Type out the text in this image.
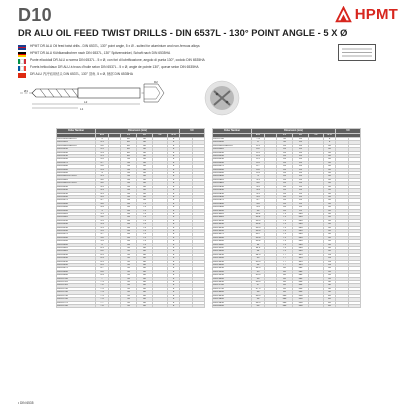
D10	HPMT
DR ALU OIL FEED TWIST DRILLS - DIN 6537L - 130° POINT ANGLE - 5 X Ø
HPMT DR ALU Oil feed twist drills - DIN 6537L, 130° point angle, 5 x Ø - suited for aluminium and non-ferrous alloys
HPMT DR ALU Kühlkanalbohrer nach DIN 6537L, 130° Spitzenwinkel, Schaft nach DIN 6535HA
Punte elicoidali DR ALU a norma DIN 6537L - 5 x Ø, con fori di lubrificazione, angolo di punta 130°, codolo DIN 6535HA
Forets hélicoïdaux DR ALU à trous d'huile selon DIN 6537L - 5 x Ø, angle de pointe 130°, queue selon DIN 6535HA
DR ALU 内冷铝用钻头 DIN 6537L, 130° 顶角, 5 x Ø, 柄部 DIN 6535HA
L1
L2
Ø1
D2
Order Number	Dimension (mm)						UC	
	Ø D		L1	L2	L3	Ø d		
D10-0300-088-C4	3		28	62		8		
D10-0310	3.1		28	62		8		
D10-0320-088-C4	3.2		28	62		8		
D10-0330	3.3		28	62		8		
D10-0340	3.4		28	62		8		
D10-0350	3.5		28	62		8		
D10-0360	3.6		34	66		8		
D10-0370	3.7		34	66		8		
D10-0380	3.8		34	66		8		
D10-0390	3.9		34	66		8		
D10-0400	4		34	66		8		
D10-0410-074-C4	4.1		34	66		8		
D10-0420	4.2		34	66		8		
D10-0420-074-C4	4.2		34	66		8		
D10-0430	4.3		34	66		8		
D10-0440	4.4		34	66		8		
D10-0450	4.5		34	66		8		
D10-0460	4.6		34	66		8		
D10-0470	4.7		34	66		8		
D10-0480	4.8		44	74		8		
D10-0490	4.9		44	74		8		
D10-0500	5		44	74		8		
D10-0510	5.1		44	74		8		
D10-0520	5.2		44	74		8		
D10-0530	5.3		44	74		8		
D10-0540	5.4		44	74		8		
D10-0550	5.5		44	74		8		
D10-0560	5.6		44	74		8		
D10-0570	5.7		44	74		8		
D10-0580	5.8		44	74		8		
D10-0590	5.9		44	74		8		
D10-0600	6		44	74		6		
D10-0610	6.1		53	82		8		
D10-0620	6.2		53	82		8		
D10-0630	6.3		53	82		8		
D10-0640	6.4		53	82		8		
D10-0650	6.5		53	82		8		
D10-0660	6.6		53	82		8		
D10-0670	6.7		53	82		8		
D10-0680	6.8		53	82		8		
D10-0690	6.9		53	82		8		
D10-0700	7		53	82		8		
D10-0710	7.1		53	82		8		
D10-0720	7.2		53	82		8		
D10-0730	7.3		53	82		8		
D10-0740	7.4		53	82		8		
D10-0750	7.5		53	82		8		
D10-0760	7.6		53	82		8		
D10-0770	7.7		53	82		8		
D10-0780	7.8		53	82		8		
Order Number	Dimension (mm)						UC	
	Ø D		L1	L2	L3	Ø d		
D10-0790	7.9		53	91		8		
D10-0800	8		53	91		8		
D10-0810-088-C4	8.1		61	91		10		
D10-0820	8.2		61	91		10		
D10-0830	8.3		61	91		10		
D10-0840	8.4		61	91		10		
D10-0850	8.5		61	91		10		
D10-0860	8.6		61	91		10		
D10-0870	8.7		61	91		10		
D10-0880	8.8		61	91		10		
D10-0890	8.9		61	91		10		
D10-0900	9		61	91		10		
D10-0910	9.1		61	91		10		
D10-0920	9.2		61	91		10		
D10-0930	9.3		61	91		10		
D10-0940	9.4		61	91		10		
D10-0950	9.5		61	91		10		
D10-0960	9.6		61	91		10		
D10-0970	9.7		61	91		10		
D10-0980	9.8		61	91		10		
D10-0990	9.9		61	91		10		
D10-1000	10		61	91		10		
D10-1010	10.1		71	103		12		
D10-1020	10.2		71	103		12		
D10-1030	10.3		71	103		12		
D10-1040	10.4		71	103		12		
D10-1050	10.5		71	103		12		
D10-1060	10.6		71	103		12		
D10-1070	10.7		71	103		12		
D10-1080	10.8		71	103		12		
D10-1090	10.9		71	103		12		
D10-1100	11		71	103		12		
D10-1150	11.5		71	103		12		
D10-1200	12		71	103		12		
D10-1250	12.5		77	113		14		
D10-1300	13		77	113		14		
D10-1350	13.5		77	113		14		
D10-1400	14		77	113		14		
D10-1450	14.5		83	121		16		
D10-1500	15		83	121		16		
D10-1550	15.5		83	121		16		
D10-1600	16		83	121		16		
D10-1650	16.5		93	131		18		
D10-1700	17		93	131		18		
D10-1750	17.5		93	131		18		
D10-1800	18		93	131		18		
D10-1850	18.5		101	139		20		
D10-1900	19		101	139		20		
D10-1950	19.5		101	139		20		
D10-2000	20		101	139		20		
• DIN 6535
